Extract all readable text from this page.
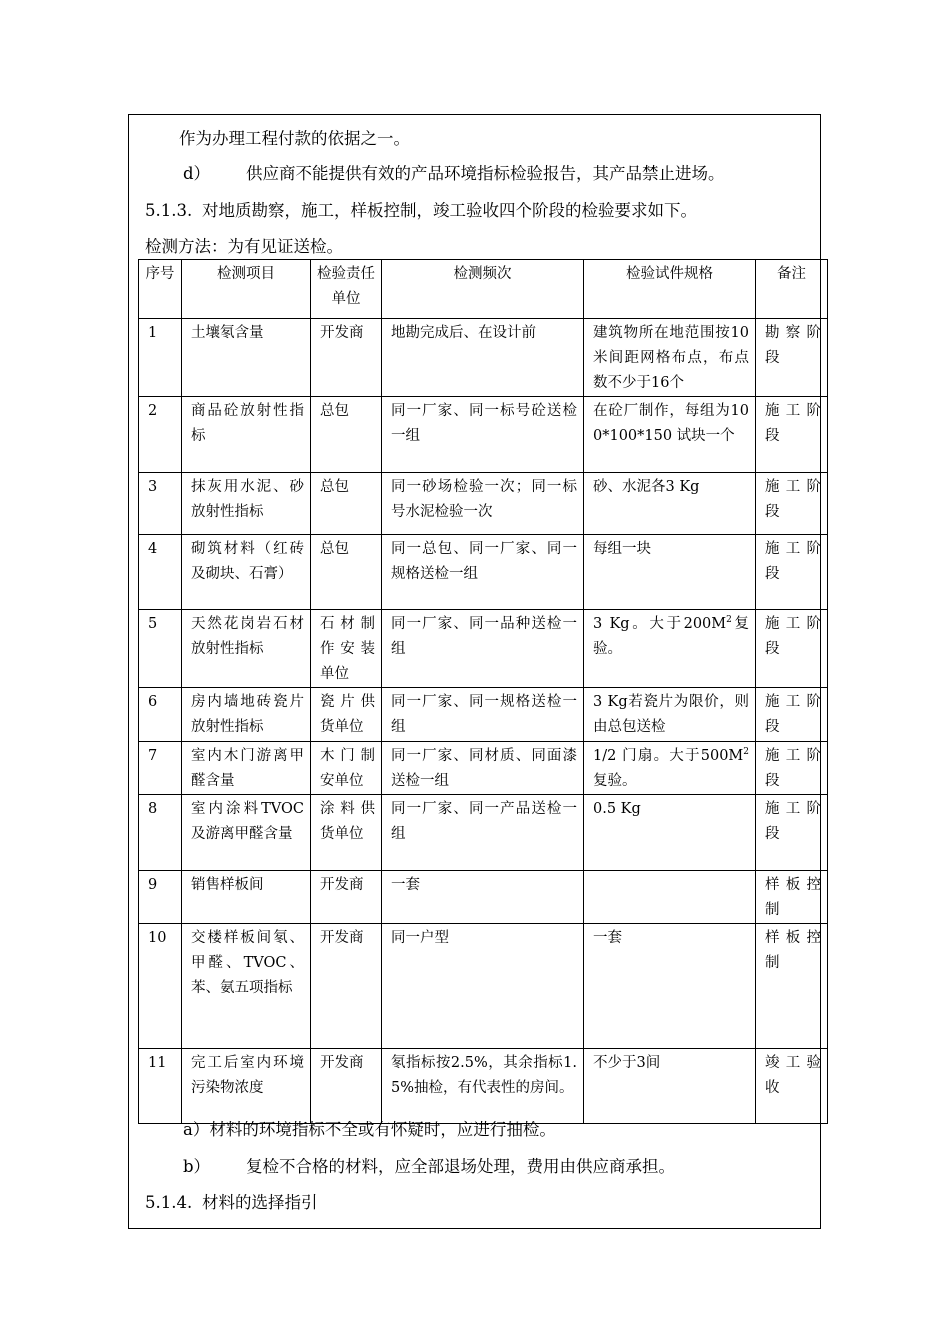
作为办理工程付款的依据之一。
d） 供应商不能提供有效的产品环境指标检验报告，其产品禁止进场。
5.1.3. 对地质勘察，施工，样板控制，竣工验收四个阶段的检验要求如下。
检测方法：为有见证送检。
序号	检测项目	检验责任单位	检测频次	检验试件规格	备注
1	土壤氡含量	开发商	地勘完成后、在设计前	建筑物所在地范围按10米间距网格布点，布点数不少于16个	勘察阶段
2	商品砼放射性指标	总包	同一厂家、同一标号砼送检一组	在砼厂制作，每组为100*100*150 试块一个	施工阶段
3	抹灰用水泥、砂放射性指标	总包	同一砂场检验一次；同一标号水泥检验一次	砂、水泥各3 Kg	施工阶段
4	砌筑材料（红砖及砌块、石膏）	总包	同一总包、同一厂家、同一规格送检一组	每组一块	施工阶段
5	天然花岗岩石材放射性指标	石材制作安装单位	同一厂家、同一品种送检一组	3 Kg。大于$200M^2$复验。	施工阶段
6	房内墙地砖瓷片放射性指标	瓷片供货单位	同一厂家、同一规格送检一组	3 Kg若瓷片为限价，则由总包送检	施工阶段
7	室内木门游离甲醛含量	木门制安单位	同一厂家、同材质、同面漆送检一组	1/2 门扇。大于$500M^2$复验。	施工阶段
8	室内涂料TVOC及游离甲醛含量	涂料供货单位	同一厂家、同一产品送检一组	0.5 Kg	施工阶段
9	销售样板间	开发商	一套		样板控制
10	交楼样板间氡、甲醛、TVOC、苯、氨五项指标	开发商	同一户型	一套	样板控制
11	完工后室内环境污染物浓度	开发商	氡指标按2.5%，其余指标1.5%抽检，有代表性的房间。	不少于3间	竣工验收
a）材料的环境指标不全或有怀疑时，应进行抽检。
b） 复检不合格的材料，应全部退场处理，费用由供应商承担。
5.1.4. 材料的选择指引
